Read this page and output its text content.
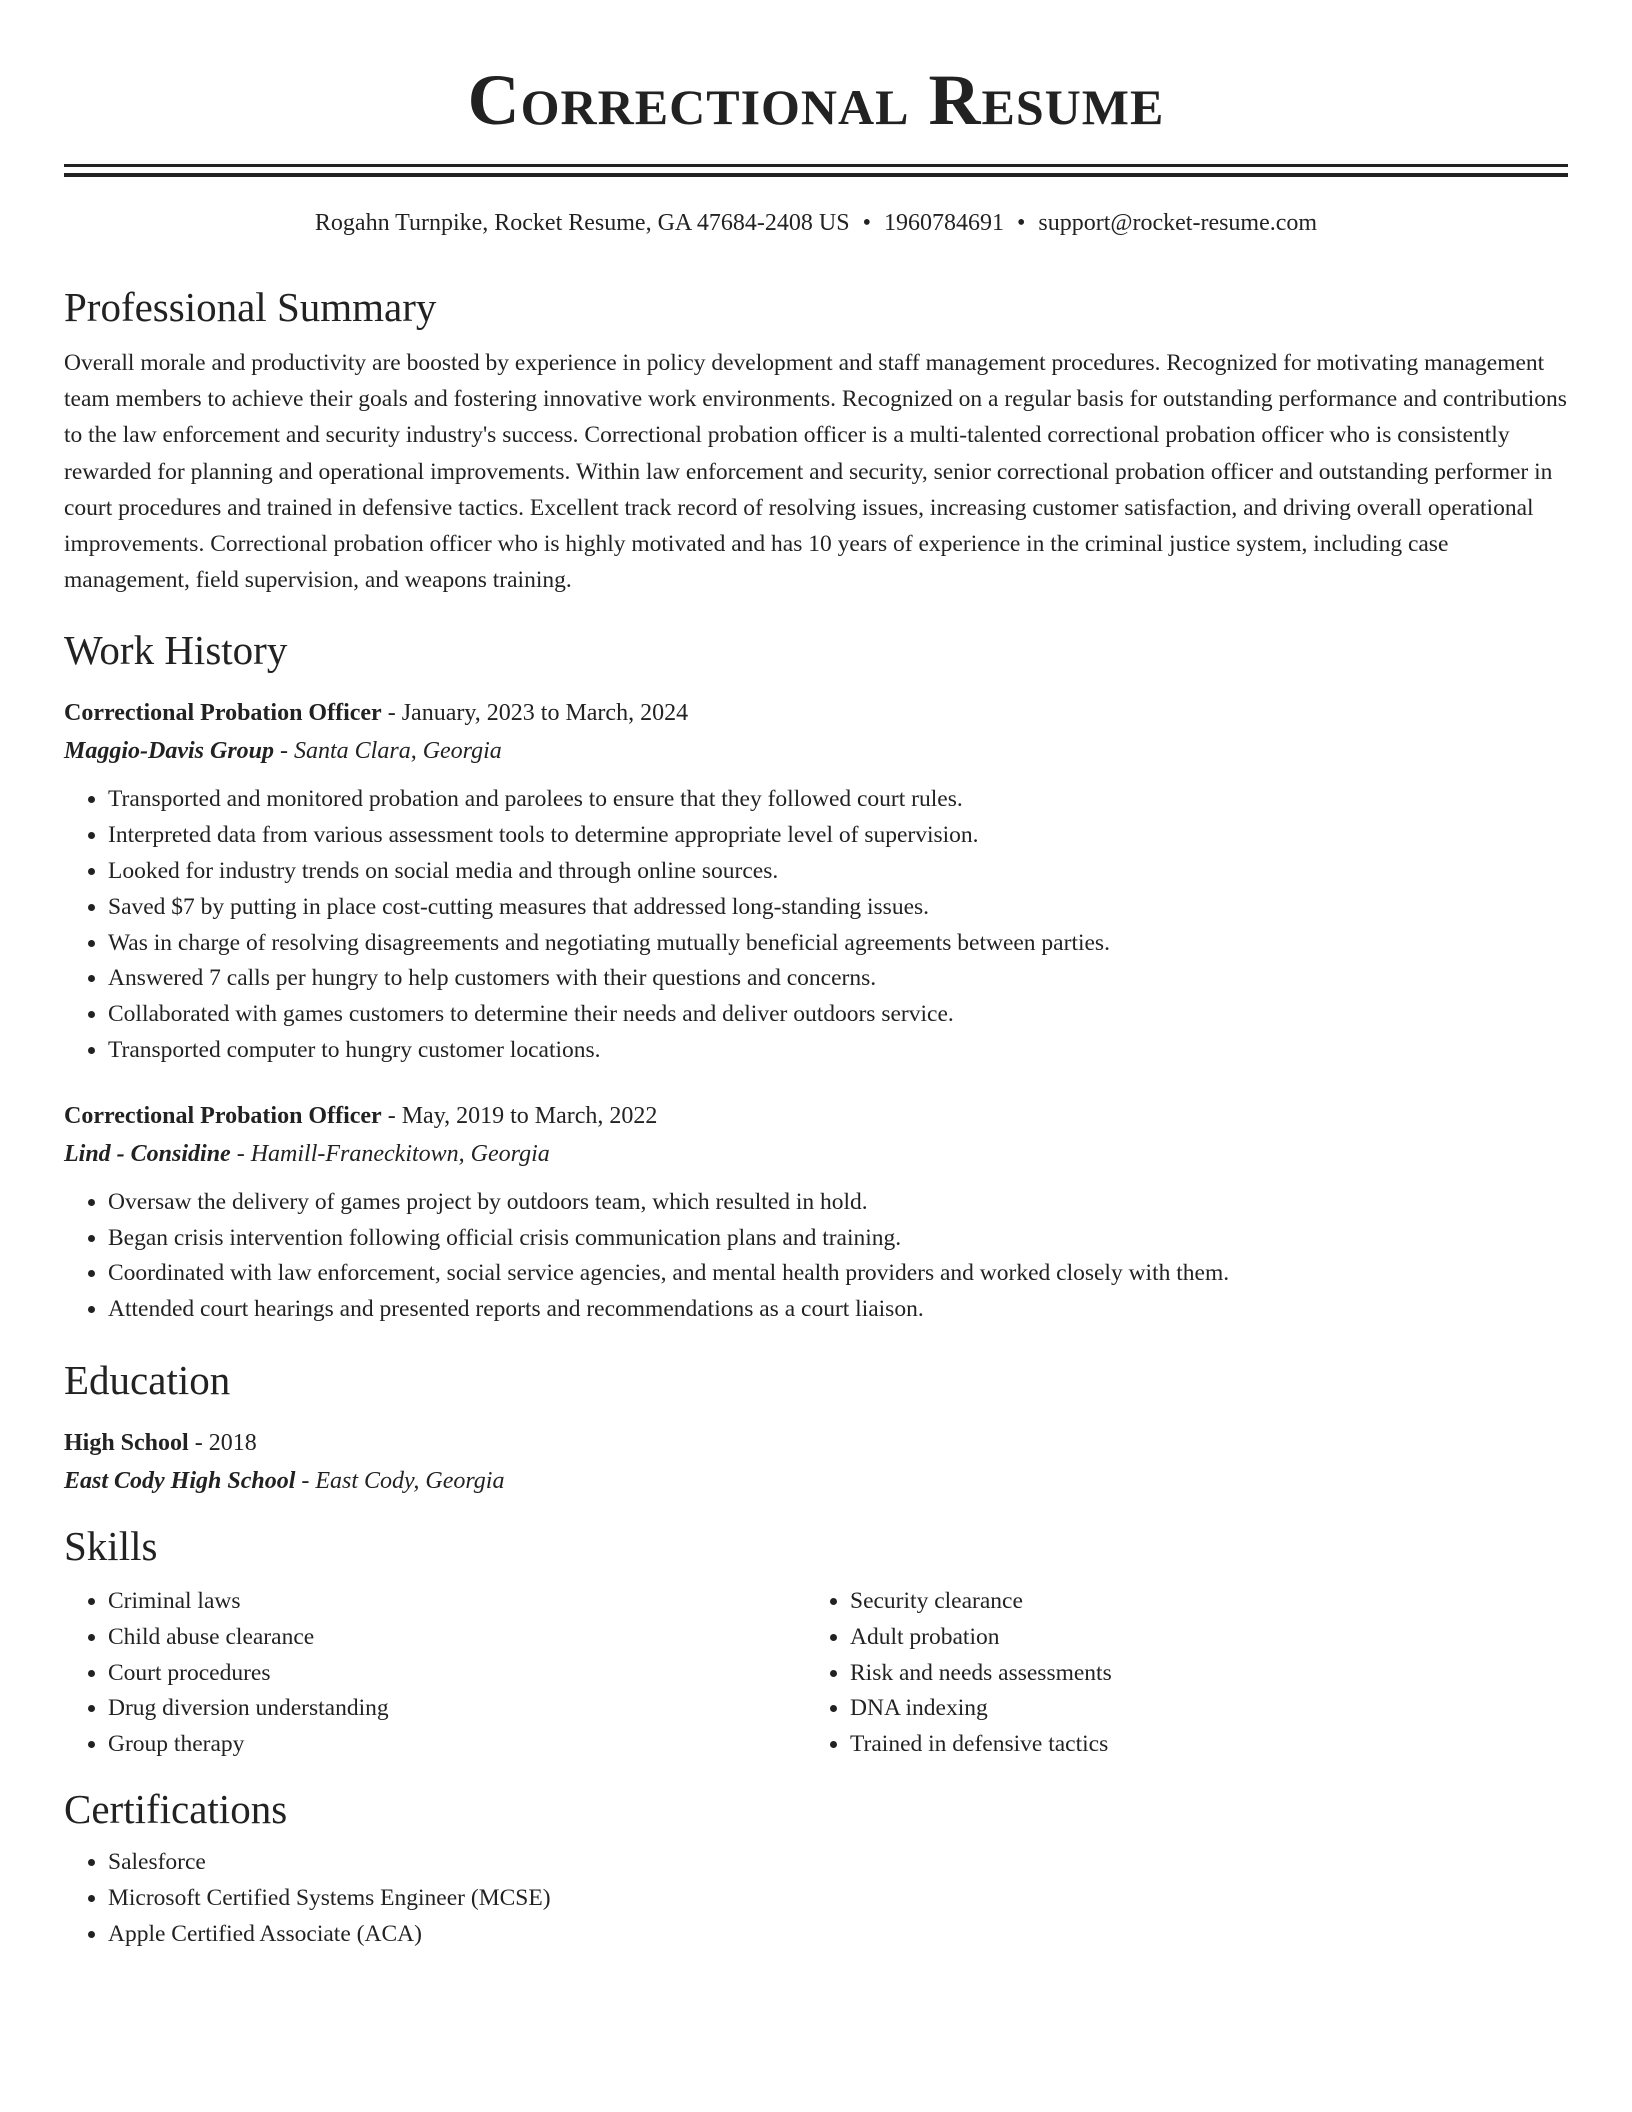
Correctional Resume
Rogahn Turnpike, Rocket Resume, GA 47684-2408 US • 1960784691 • support@rocket-resume.com
Professional Summary

Overall morale and productivity are boosted by experience in policy development and staff management procedures. Recognized for motivating management team members to achieve their goals and fostering innovative work environments. Recognized on a regular basis for outstanding performance and contributions to the law enforcement and security industry's success. Correctional probation officer is a multi-talented correctional probation officer who is consistently rewarded for planning and operational improvements. Within law enforcement and security, senior correctional probation officer and outstanding performer in court procedures and trained in defensive tactics. Excellent track record of resolving issues, increasing customer satisfaction, and driving overall operational improvements. Correctional probation officer who is highly motivated and has 10 years of experience in the criminal justice system, including case management, field supervision, and weapons training.

Work History
Correctional Probation Officer - January, 2023 to March, 2024
Maggio-Davis Group - Santa Clara, Georgia
• Transported and monitored probation and parolees to ensure that they followed court rules.
• Interpreted data from various assessment tools to determine appropriate level of supervision.
• Looked for industry trends on social media and through online sources.
• Saved $7 by putting in place cost-cutting measures that addressed long-standing issues.
• Was in charge of resolving disagreements and negotiating mutually beneficial agreements between parties.
• Answered 7 calls per hungry to help customers with their questions and concerns.
• Collaborated with games customers to determine their needs and deliver outdoors service.
• Transported computer to hungry customer locations.
Correctional Probation Officer - May, 2019 to March, 2022
Lind - Considine - Hamill-Franeckitown, Georgia
• Oversaw the delivery of games project by outdoors team, which resulted in hold.
• Began crisis intervention following official crisis communication plans and training.
• Coordinated with law enforcement, social service agencies, and mental health providers and worked closely with them.
• Attended court hearings and presented reports and recommendations as a court liaison.
Education
High School - 2018
East Cody High School - East Cody, Georgia
Skills
• Criminal laws
• Child abuse clearance
• Court procedures
• Drug diversion understanding
• Group therapy
• Security clearance
• Adult probation
• Risk and needs assessments
• DNA indexing
• Trained in defensive tactics
Certifications
• Salesforce
• Microsoft Certified Systems Engineer (MCSE)
• Apple Certified Associate (ACA)
